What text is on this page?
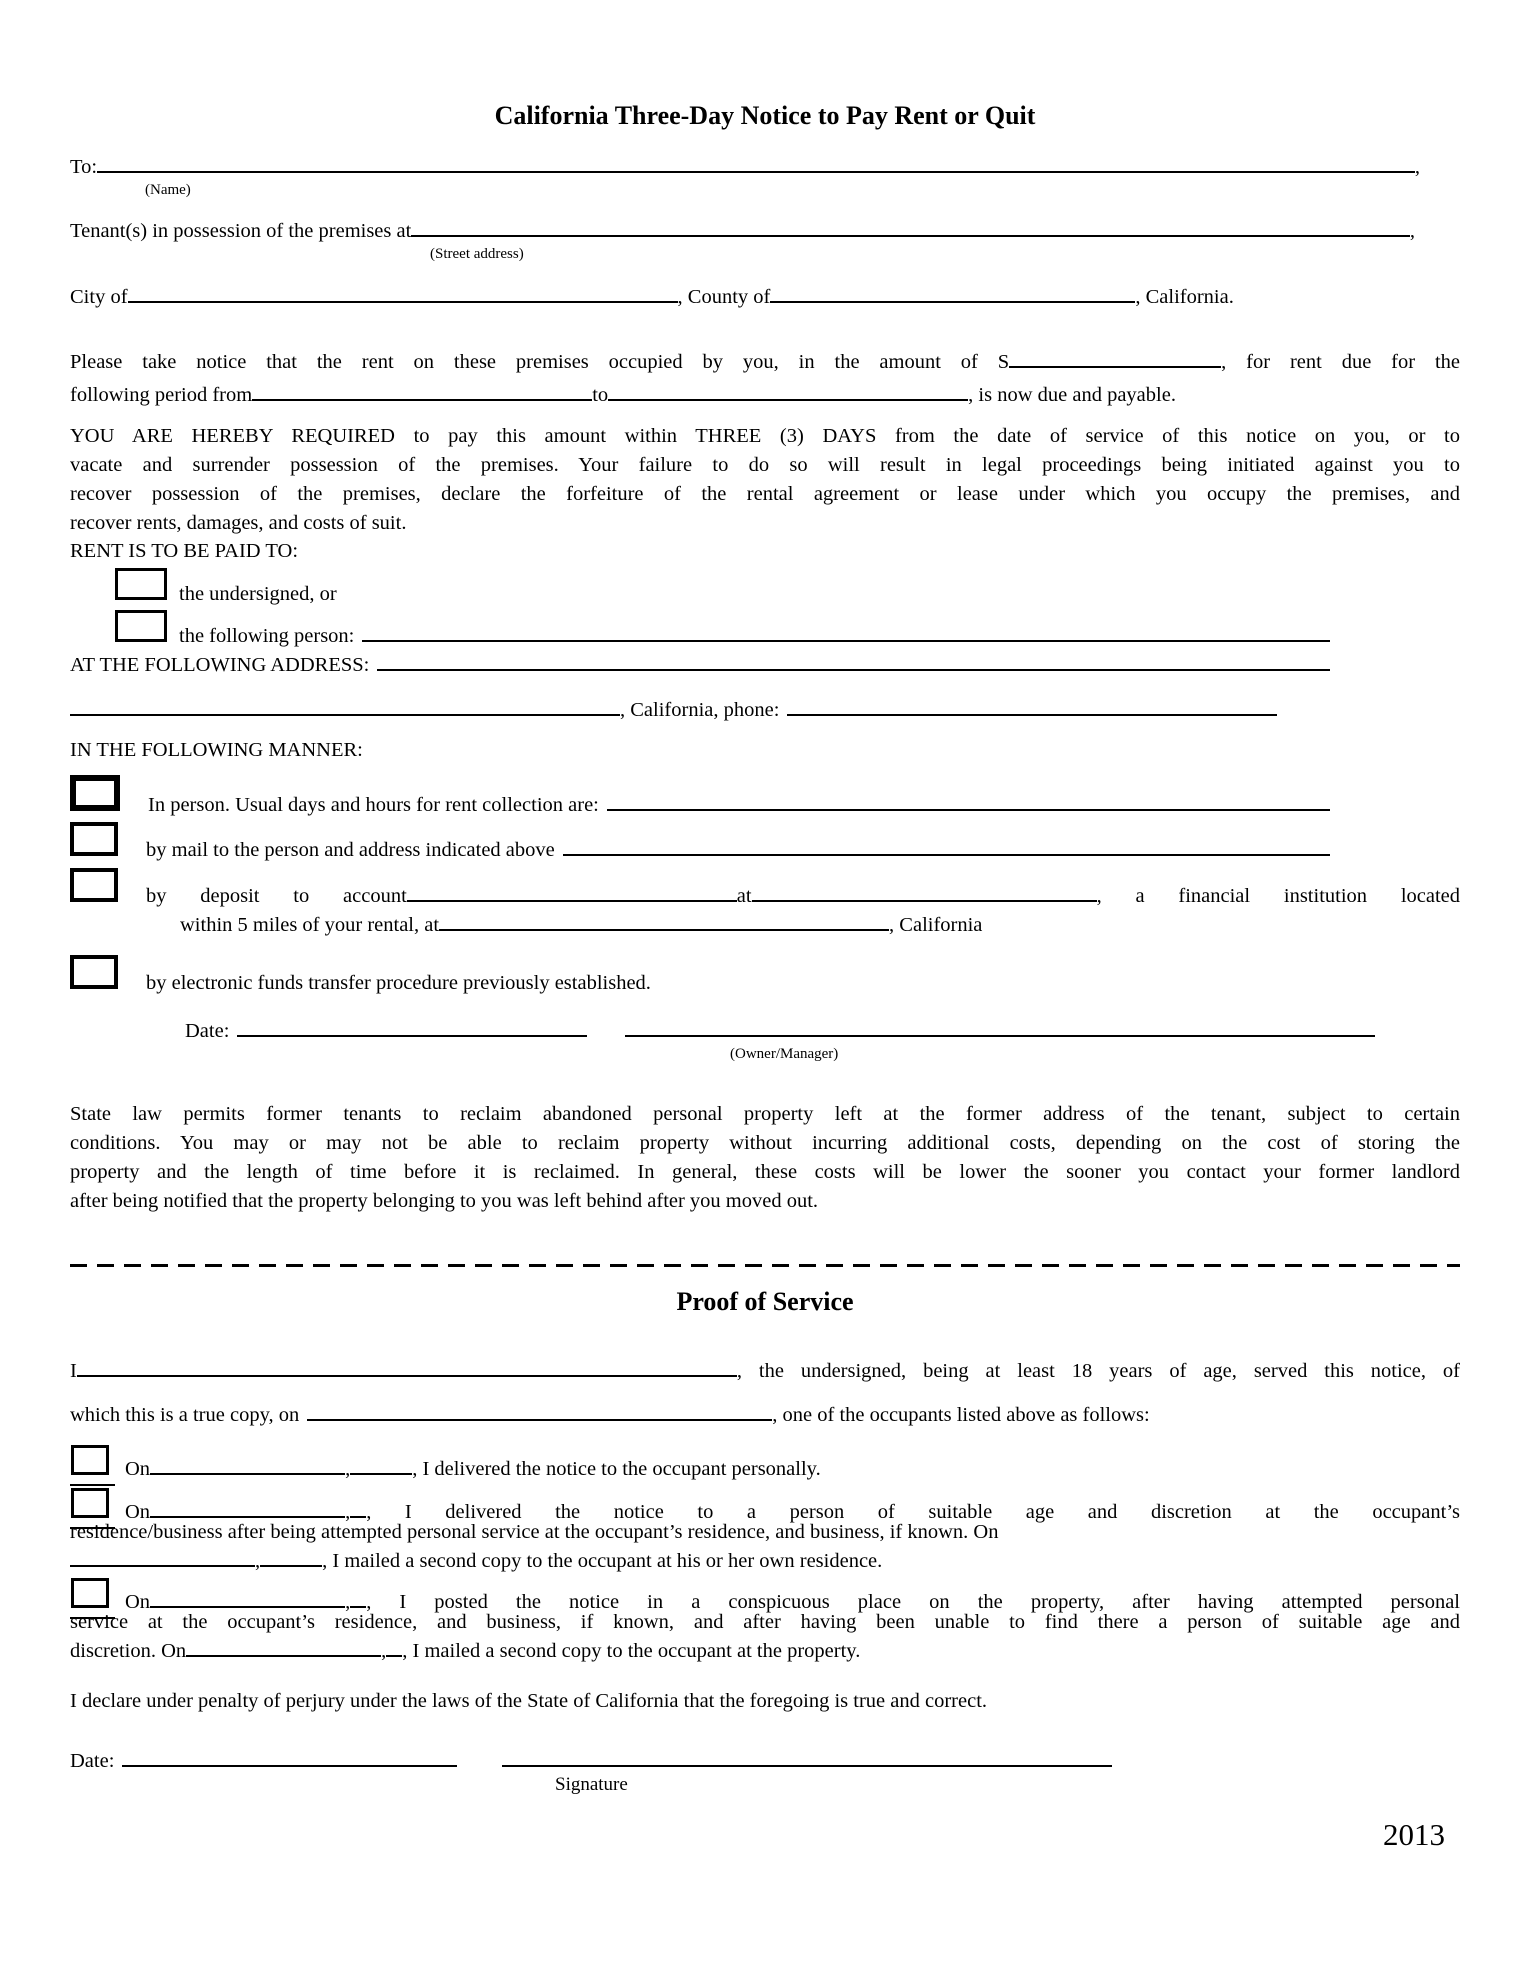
California Three-Day Notice to Pay Rent or Quit
To:	,
(Name)
Tenant(s) in possession of the premises at	,
(Street address)
City of	, County of	, California.
Please take notice that the rent on these premises occupied by you, in the amount of S	, for rent due for the
following period from	to	, is now due and payable.
YOU ARE HEREBY REQUIRED to pay this amount within THREE (3) DAYS from the date of service of this notice on you, or to
vacate and surrender possession of the premises. Your failure to do so will result in legal proceedings being initiated against you to
recover possession of the premises, declare the forfeiture of the rental agreement or lease under which you occupy the premises, and
recover rents, damages, and costs of suit.
RENT IS TO BE PAID TO:
the undersigned, or
the following person:
AT THE FOLLOWING ADDRESS:
, California, phone:
IN THE FOLLOWING MANNER:
In person. Usual days and hours for rent collection are:
by mail to the person and address indicated above
by deposit to account	at	, a financial institution located
within 5 miles of your rental, at	, California
by electronic funds transfer procedure previously established.
Date:
(Owner/Manager)
State law permits former tenants to reclaim abandoned personal property left at the former address of the tenant, subject to certain
conditions. You may or may not be able to reclaim property without incurring additional costs, depending on the cost of storing the
property and the length of time before it is reclaimed. In general, these costs will be lower the sooner you contact your former landlord
after being notified that the property belonging to you was left behind after you moved out.
Proof of Service
I	, the undersigned, being at least 18 years of age, served this notice, of
which this is a true copy, on	, one of the occupants listed above as follows:
On	,	, I delivered the notice to the occupant personally.
On	, , I delivered the notice to a person of suitable age and discretion at the occupant’s
residence/business after being attempted personal service at the occupant’s residence, and business, if known. On
,	, I mailed a second copy to the occupant at his or her own residence.
On	, , I posted the notice in a conspicuous place on the property, after having attempted personal
service at the occupant’s residence, and business, if known, and after having been unable to find there a person of suitable age and
discretion. On	, , I mailed a second copy to the occupant at the property.
I declare under penalty of perjury under the laws of the State of California that the foregoing is true and correct.
Date:
Signature
2013
